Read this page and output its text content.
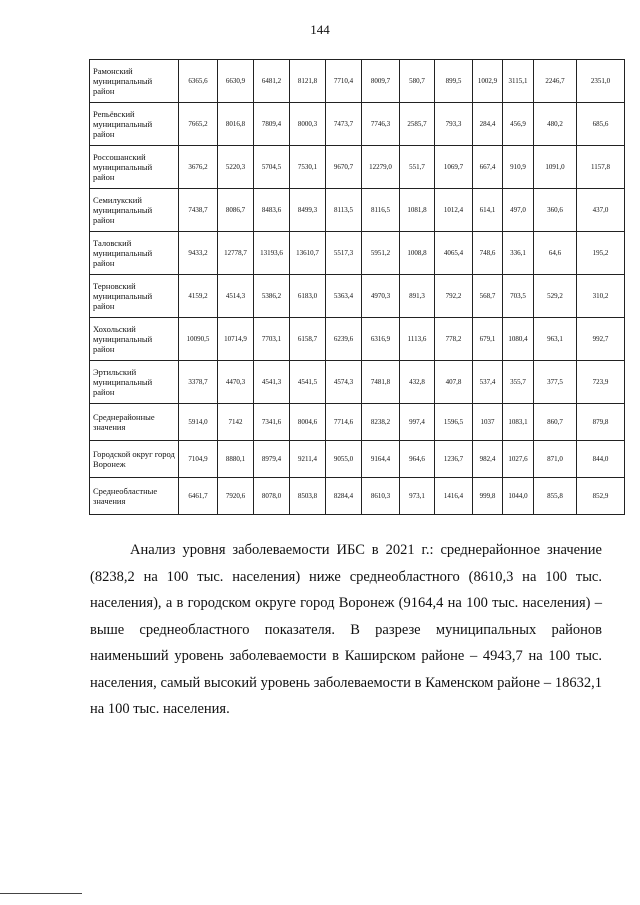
144
Рамонский муниципальный район	6365,6	6630,9	6481,2	8121,8	7710,4	8009,7	580,7	899,5	1002,9	3115,1	2246,7	2351,0
Репьёвский муниципальный район	7665,2	8016,8	7809,4	8000,3	7473,7	7746,3	2585,7	793,3	284,4	456,9	480,2	685,6
Россошанский муниципальный район	3676,2	5220,3	5704,5	7530,1	9670,7	12279,0	551,7	1069,7	667,4	910,9	1091,0	1157,8
Семилукский муниципальный район	7438,7	8086,7	8483,6	8499,3	8113,5	8116,5	1081,8	1012,4	614,1	497,0	360,6	437,0
Таловский муниципальный район	9433,2	12778,7	13193,6	13610,7	5517,3	5951,2	1008,8	4065,4	748,6	336,1	64,6	195,2
Терновский муниципальный район	4159,2	4514,3	5386,2	6183,0	5363,4	4970,3	891,3	792,2	568,7	703,5	529,2	310,2
Хохольский муниципальный район	10090,5	10714,9	7703,1	6158,7	6239,6	6316,9	1113,6	778,2	679,1	1080,4	963,1	992,7
Эртильский муниципальный район	3378,7	4470,3	4541,3	4541,5	4574,3	7481,8	432,8	407,8	537,4	355,7	377,5	723,9
Среднерайонные значения	5914,0	7142	7341,6	8004,6	7714,6	8238,2	997,4	1596,5	1037	1083,1	860,7	879,8
Городской округ город Воронеж	7104,9	8880,1	8979,4	9211,4	9055,0	9164,4	964,6	1236,7	982,4	1027,6	871,0	844,0
Среднеобластные значения	6461,7	7920,6	8078,0	8503,8	8284,4	8610,3	973,1	1416,4	999,8	1044,0	855,8	852,9

Анализ уровня заболеваемости ИБС в 2021 г.: среднерайонное значение (8238,2 на 100 тыс. населения) ниже среднеобластного (8610,3 на 100 тыс. населения), а в городском округе город Воронеж (9164,4 на 100 тыс. населения) – выше среднеобластного показателя. В разрезе муниципальных районов наименьший уровень заболеваемости в Каширском районе – 4943,7 на 100 тыс. населения, самый высокий уровень заболеваемости в Каменском районе – 18632,1 на 100 тыс. населения.
